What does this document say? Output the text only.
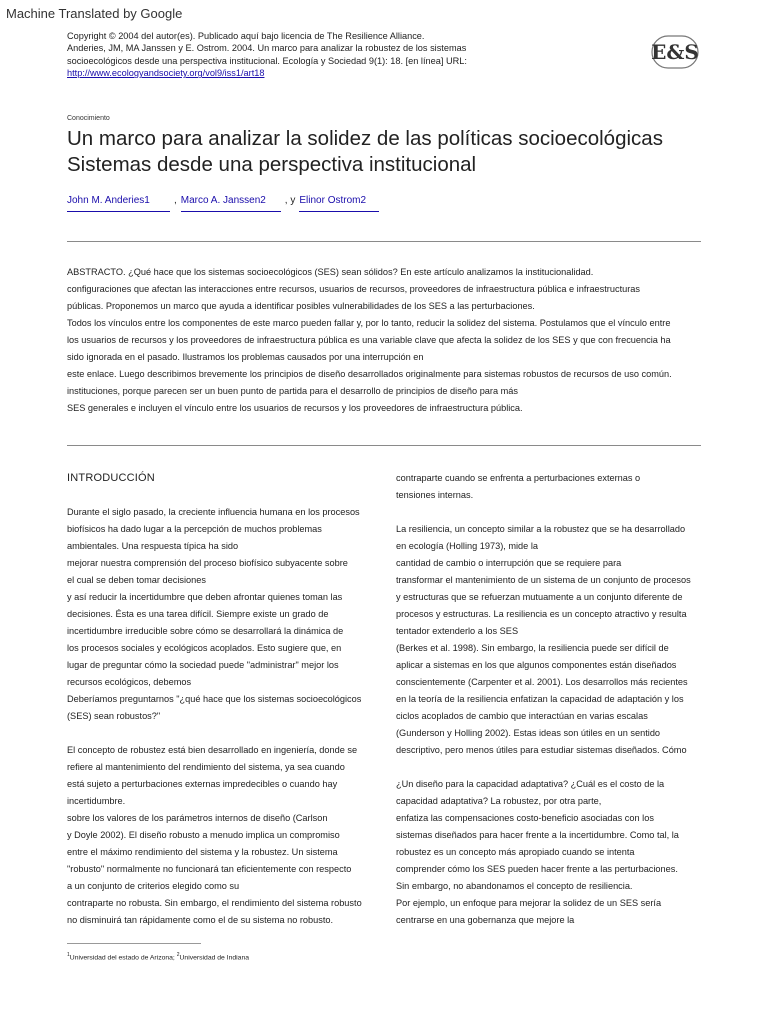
Machine Translated by Google
Copyright © 2004 del autor(es). Publicado aquí bajo licencia de The Resilience Alliance.
Anderies, JM, MA Janssen y E. Ostrom. 2004. Un marco para analizar la robustez de los sistemas
socioecológicos desde una perspectiva institucional. Ecología y Sociedad 9(1): 18. [en línea] URL:
http://www.ecologyandsociety.org/vol9/iss1/art18
E&S
Conocimiento
Un marco para analizar la solidez de las políticas socioecológicas
Sistemas desde una perspectiva institucional
John M. Anderies1 , Marco A. Janssen2 , y Elinor Ostrom2

ABSTRACTO. ¿Qué hace que los sistemas socioecológicos (SES) sean sólidos? En este artículo analizamos la institucionalidad.

configuraciones que afectan las interacciones entre recursos, usuarios de recursos, proveedores de infraestructura pública e infraestructuras

públicas. Proponemos un marco que ayuda a identificar posibles vulnerabilidades de los SES a las perturbaciones.

Todos los vínculos entre los componentes de este marco pueden fallar y, por lo tanto, reducir la solidez del sistema. Postulamos que el vínculo entre

los usuarios de recursos y los proveedores de infraestructura pública es una variable clave que afecta la solidez de los SES y que con frecuencia ha

sido ignorada en el pasado. Ilustramos los problemas causados por una interrupción en

este enlace. Luego describimos brevemente los principios de diseño desarrollados originalmente para sistemas robustos de recursos de uso común.

instituciones, porque parecen ser un buen punto de partida para el desarrollo de principios de diseño para más

SES generales e incluyen el vínculo entre los usuarios de recursos y los proveedores de infraestructura pública.

INTRODUCCIÓN

Durante el siglo pasado, la creciente influencia humana en los procesos

biofísicos ha dado lugar a la percepción de muchos problemas

ambientales. Una respuesta típica ha sido

mejorar nuestra comprensión del proceso biofísico subyacente sobre

el cual se deben tomar decisiones

y así reducir la incertidumbre que deben afrontar quienes toman las

decisiones. Ésta es una tarea difícil. Siempre existe un grado de

incertidumbre irreducible sobre cómo se desarrollará la dinámica de

los procesos sociales y ecológicos acoplados. Esto sugiere que, en

lugar de preguntar cómo la sociedad puede "administrar" mejor los

recursos ecológicos, debemos

Deberíamos preguntarnos "¿qué hace que los sistemas socioecológicos

(SES) sean robustos?"

El concepto de robustez está bien desarrollado en ingeniería, donde se

refiere al mantenimiento del rendimiento del sistema, ya sea cuando

está sujeto a perturbaciones externas impredecibles o cuando hay

incertidumbre.

sobre los valores de los parámetros internos de diseño (Carlson

y Doyle 2002). El diseño robusto a menudo implica un compromiso

entre el máximo rendimiento del sistema y la robustez. Un sistema

"robusto" normalmente no funcionará tan eficientemente con respecto

a un conjunto de criterios elegido como su

contraparte no robusta. Sin embargo, el rendimiento del sistema robusto

no disminuirá tan rápidamente como el de su sistema no robusto.

contraparte cuando se enfrenta a perturbaciones externas o

tensiones internas.

La resiliencia, un concepto similar a la robustez que se ha desarrollado

en ecología (Holling 1973), mide la

cantidad de cambio o interrupción que se requiere para

transformar el mantenimiento de un sistema de un conjunto de procesos

y estructuras que se refuerzan mutuamente a un conjunto diferente de

procesos y estructuras. La resiliencia es un concepto atractivo y resulta

tentador extenderlo a los SES

(Berkes et al. 1998). Sin embargo, la resiliencia puede ser difícil de

aplicar a sistemas en los que algunos componentes están diseñados

conscientemente (Carpenter et al. 2001). Los desarrollos más recientes

en la teoría de la resiliencia enfatizan la capacidad de adaptación y los

ciclos acoplados de cambio que interactúan en varias escalas

(Gunderson y Holling 2002). Estas ideas son útiles en un sentido

descriptivo, pero menos útiles para estudiar sistemas diseñados. Cómo

¿Un diseño para la capacidad adaptativa? ¿Cuál es el costo de la

capacidad adaptativa? La robustez, por otra parte,

enfatiza las compensaciones costo-beneficio asociadas con los

sistemas diseñados para hacer frente a la incertidumbre. Como tal, la

robustez es un concepto más apropiado cuando se intenta

comprender cómo los SES pueden hacer frente a las perturbaciones.

Sin embargo, no abandonamos el concepto de resiliencia.

Por ejemplo, un enfoque para mejorar la solidez de un SES sería

centrarse en una gobernanza que mejore la

$^1$Universidad del estado de Arizona; $^2$Universidad de Indiana
